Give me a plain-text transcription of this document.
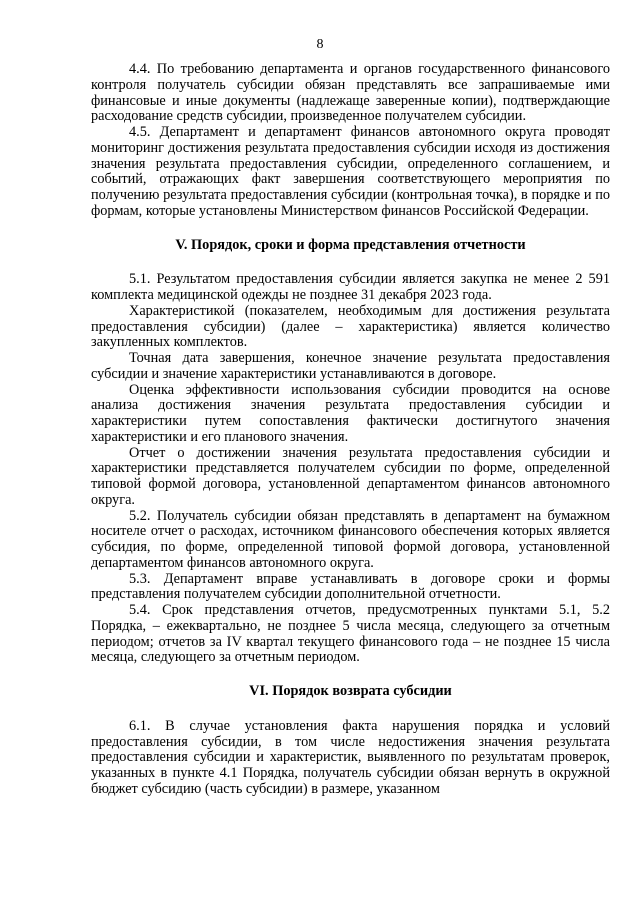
8

4.4. По требованию департамента и органов государственного финансового контроля получатель субсидии обязан представлять все запрашиваемые ими финансовые и иные документы (надлежаще заверенные копии), подтверждающие расходование средств субсидии, произведенное получателем субсидии.

4.5. Департамент и департамент финансов автономного округа проводят мониторинг достижения результата предоставления субсидии исходя из достижения значения результата предоставления субсидии, определенного соглашением, и событий, отражающих факт завершения соответствующего мероприятия по получению результата предоставления субсидии (контрольная точка), в порядке и по формам, которые установлены Министерством финансов Российской Федерации.

V. Порядок, сроки и форма представления отчетности

5.1. Результатом предоставления субсидии является закупка не менее 2 591 комплекта медицинской одежды не позднее 31 декабря 2023 года.

Характеристикой (показателем, необходимым для достижения результата предоставления субсидии) (далее – характеристика) является количество закупленных комплектов.

Точная дата завершения, конечное значение результата предоставления субсидии и значение характеристики устанавливаются в договоре.

Оценка эффективности использования субсидии проводится на основе анализа достижения значения результата предоставления субсидии и характеристики путем сопоставления фактически достигнутого значения характеристики и его планового значения.

Отчет о достижении значения результата предоставления субсидии и характеристики представляется получателем субсидии по форме, определенной типовой формой договора, установленной департаментом финансов автономного округа.

5.2. Получатель субсидии обязан представлять в департамент на бумажном носителе отчет о расходах, источником финансового обеспечения которых является субсидия, по форме, определенной типовой формой договора, установленной департаментом финансов автономного округа.

5.3. Департамент вправе устанавливать в договоре сроки и формы представления получателем субсидии дополнительной отчетности.

5.4. Срок представления отчетов, предусмотренных пунктами 5.1, 5.2 Порядка, – ежеквартально, не позднее 5 числа месяца, следующего за отчетным периодом; отчетов за IV квартал текущего финансового года – не позднее 15 числа месяца, следующего за отчетным периодом.

VI. Порядок возврата субсидии

6.1. В случае установления факта нарушения порядка и условий предоставления субсидии, в том числе недостижения значения результата предоставления субсидии и характеристик, выявленного по результатам проверок, указанных в пункте 4.1 Порядка, получатель субсидии обязан вернуть в окружной бюджет субсидию (часть субсидии) в размере, указанном
